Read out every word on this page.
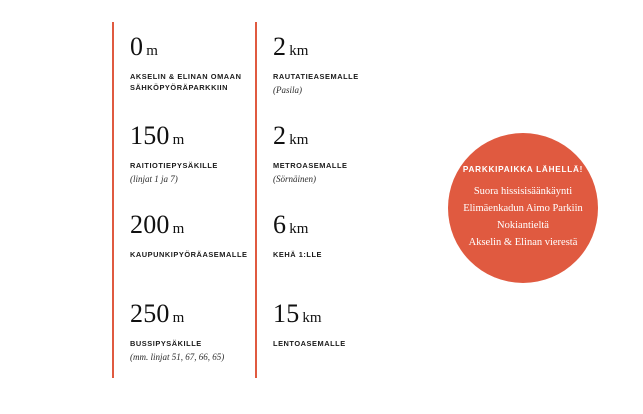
0 m
AKSELIN & ELINAN OMAAN SÄHKÖPYÖRÄPARKKIIN
2 km
RAUTATIEASEMALLE
(Pasila)
150 m
RAITIOTIEPYSÄKILLE
(linjat 1 ja 7)
2 km
METROASEMALLE
(Sörnäinen)
200 m
KAUPUNKIPYÖRÄASEMALLE
6 km
KEHÄ 1:LLE
250 m
BUSSIPYSÄKILLE
(mm. linjat 51, 67, 66, 65)
15 km
LENTOASEMALLE
PARKKIPAIKKA LÄHELLÄ!
Suora hissisisäänkäynti
Elimäenkadun Aimo Parkiin
Nokiantieltä
Akselin & Elinan vierestä
